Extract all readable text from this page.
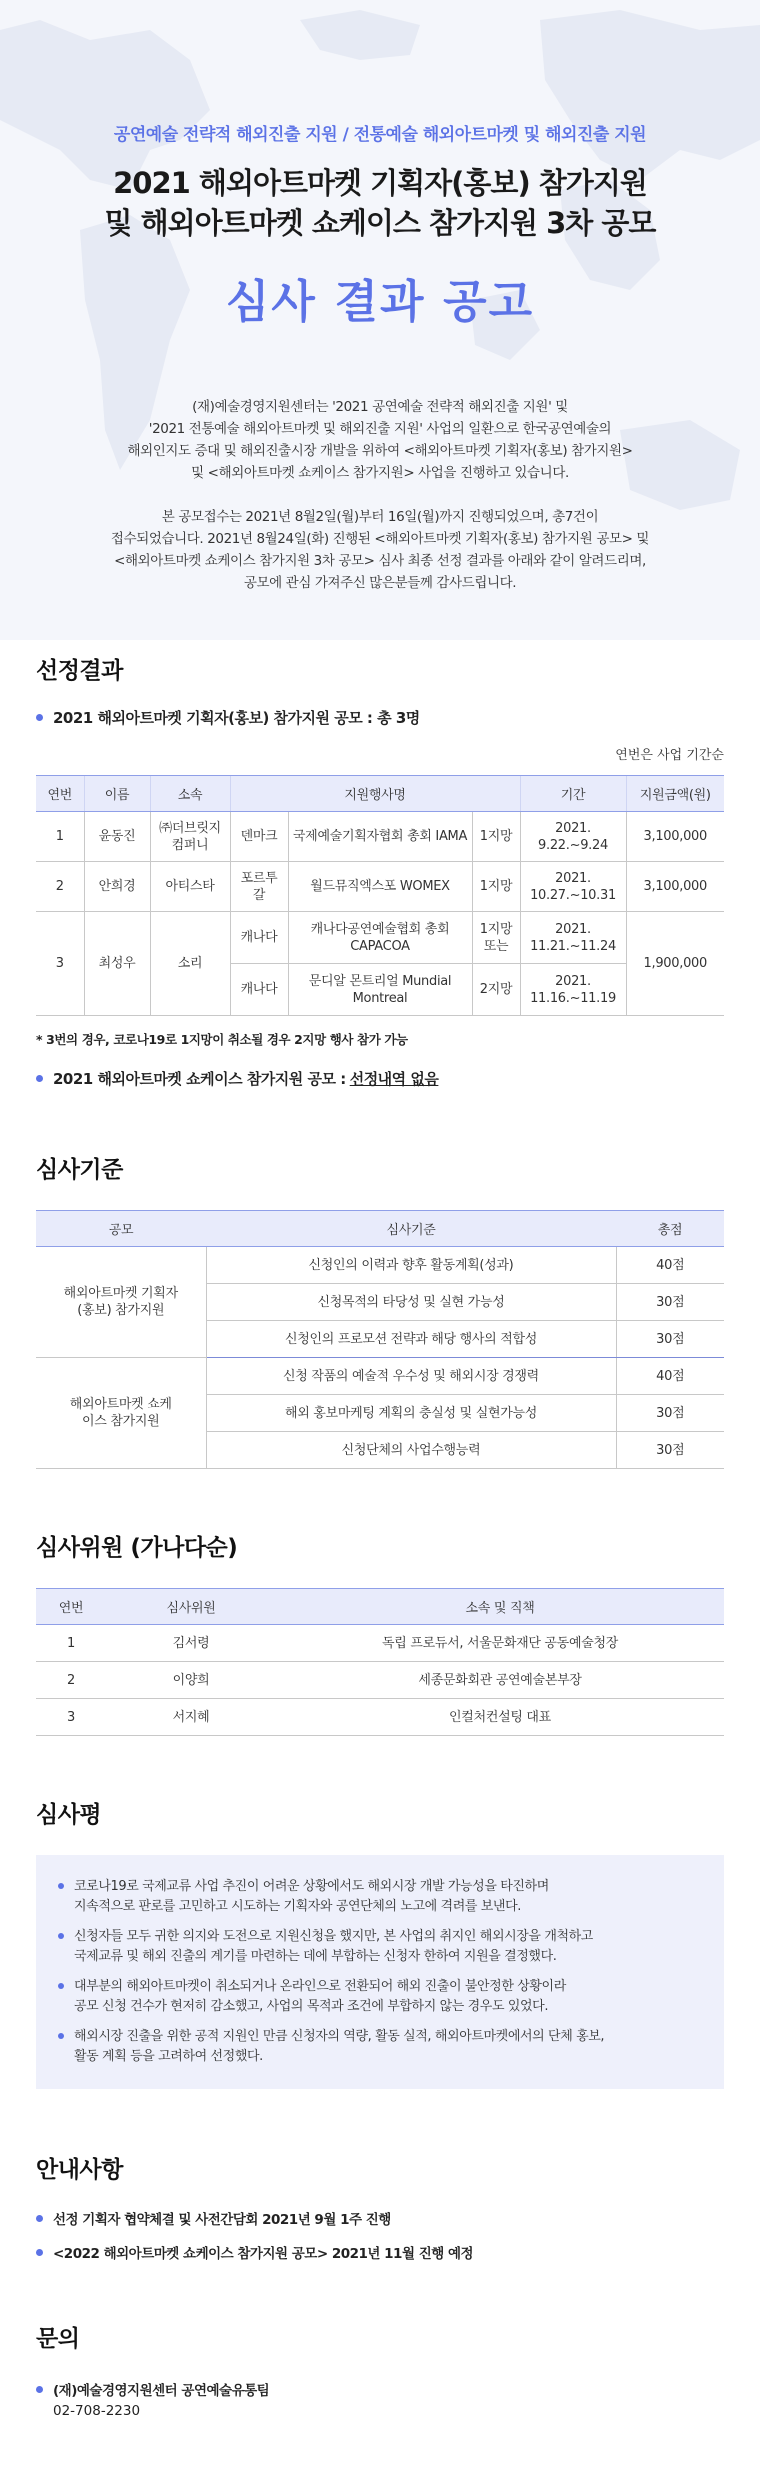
공연예술 전략적 해외진출 지원 / 전통예술 해외아트마켓 및 해외진출 지원
2021 해외아트마켓 기획자(홍보) 참가지원
및 해외아트마켓 쇼케이스 참가지원 3차 공모
심사 결과 공고

(재)예술경영지원센터는 '2021 공연예술 전략적 해외진출 지원' 및

'2021 전통예술 해외아트마켓 및 해외진출 지원' 사업의 일환으로 한국공연예술의

해외인지도 증대 및 해외진출시장 개발을 위하여 <해외아트마켓 기획자(홍보) 참가지원>

및 <해외아트마켓 쇼케이스 참가지원> 사업을 진행하고 있습니다.

본 공모접수는 2021년 8월2일(월)부터 16일(월)까지 진행되었으며, 총7건이

접수되었습니다. 2021년 8월24일(화) 진행된 <해외아트마켓 기획자(홍보) 참가지원 공모> 및

<해외아트마켓 쇼케이스 참가지원 3차 공모> 심사 최종 선정 결과를 아래와 같이 알려드리며,

공모에 관심 가져주신 많은분들께 감사드립니다.

선정결과
2021 해외아트마켓 기획자(홍보) 참가지원 공모 : 총 3명
연번은 사업 기간순
연번	이름	소속	지원행사명			기간	지원금액(원)
1	윤동진	㈜더브릿지 컴퍼니	덴마크	국제예술기획자협회 총회 IAMA	1지망	2021. 9.22.~9.24	3,100,000
2	안희경	아티스타	포르투갈	월드뮤직엑스포 WOMEX	1지망	2021. 10.27.~10.31	3,100,000
3	최성우	소리	캐나다	캐나다공연예술협회 총회 CAPACOA	1지망 또는	2021. 11.21.~11.24	1,900,000
			캐나다	문디알 몬트리얼 Mundial Montreal	2지망	2021. 11.16.~11.19	
* 3번의 경우, 코로나19로 1지망이 취소될 경우 2지망 행사 참가 가능
2021 해외아트마켓 쇼케이스 참가지원 공모 : 선정내역 없음
심사기준
공모	심사기준	총점
해외아트마켓 기획자(홍보) 참가지원	신청인의 이력과 향후 활동계획(성과)	40점
	신청목적의 타당성 및 실현 가능성	30점
	신청인의 프로모션 전략과 해당 행사의 적합성	30점
해외아트마켓 쇼케이스 참가지원	신청 작품의 예술적 우수성 및 해외시장 경쟁력	40점
	해외 홍보마케팅 계획의 충실성 및 실현가능성	30점
	신청단체의 사업수행능력	30점
심사위원 (가나다순)
연번	심사위원	소속 및 직책
1	김서령	독립 프로듀서, 서울문화재단 공동예술청장
2	이양희	세종문화회관 공연예술본부장
3	서지혜	인컬처컨설팅 대표
심사평
코로나19로 국제교류 사업 추진이 어려운 상황에서도 해외시장 개발 가능성을 타진하며
지속적으로 판로를 고민하고 시도하는 기획자와 공연단체의 노고에 격려를 보낸다.
신청자들 모두 귀한 의지와 도전으로 지원신청을 했지만, 본 사업의 취지인 해외시장을 개척하고
국제교류 및 해외 진출의 계기를 마련하는 데에 부합하는 신청자 한하여 지원을 결정했다.
대부분의 해외아트마켓이 취소되거나 온라인으로 전환되어 해외 진출이 불안정한 상황이라
공모 신청 건수가 현저히 감소했고, 사업의 목적과 조건에 부합하지 않는 경우도 있었다.
해외시장 진출을 위한 공적 지원인 만큼 신청자의 역량, 활동 실적, 해외아트마켓에서의 단체 홍보,
활동 계획 등을 고려하여 선정했다.
안내사항
선정 기획자 협약체결 및 사전간담회 2021년 9월 1주 진행
<2022 해외아트마켓 쇼케이스 참가지원 공모> 2021년 11월 진행 예정
문의
(재)예술경영지원센터 공연예술유통팀
02-708-2230
